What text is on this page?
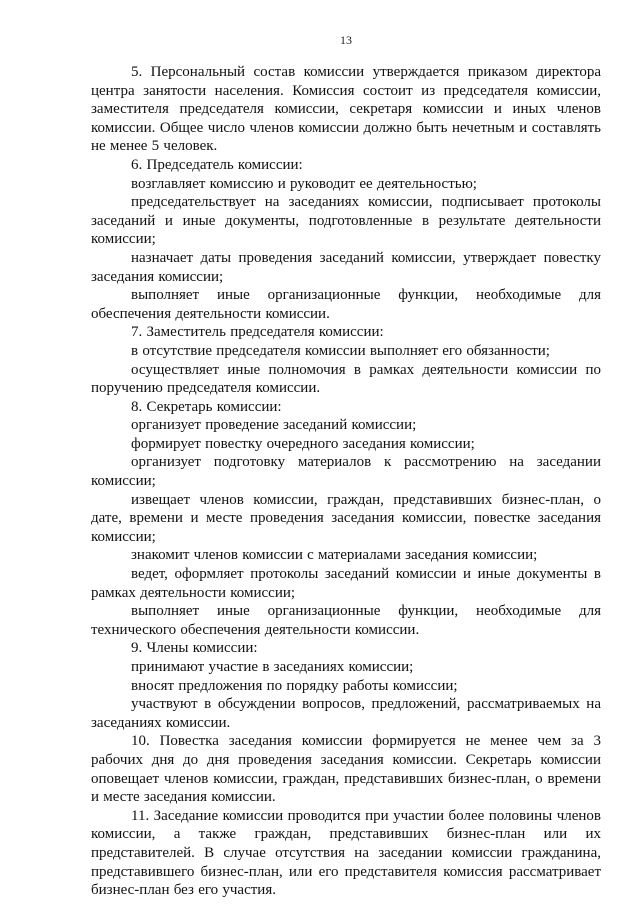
13

5. Персональный состав комиссии утверждается приказом директора центра занятости населения. Комиссия состоит из председателя комиссии, заместителя председателя комиссии, секретаря комиссии и иных членов комиссии. Общее число членов комиссии должно быть нечетным и составлять не менее 5 человек.

6. Председатель комиссии:

возглавляет комиссию и руководит ее деятельностью;

председательствует на заседаниях комиссии, подписывает протоколы заседаний и иные документы, подготовленные в результате деятельности комиссии;

назначает даты проведения заседаний комиссии, утверждает повестку заседания комиссии;

выполняет иные организационные функции, необходимые для обеспечения деятельности комиссии.

7. Заместитель председателя комиссии:

в отсутствие председателя комиссии выполняет его обязанности;

осуществляет иные полномочия в рамках деятельности комиссии по поручению председателя комиссии.

8. Секретарь комиссии:

организует проведение заседаний комиссии;

формирует повестку очередного заседания комиссии;

организует подготовку материалов к рассмотрению на заседании комиссии;

извещает членов комиссии, граждан, представивших бизнес-план, о дате, времени и месте проведения заседания комиссии, повестке заседания комиссии;

знакомит членов комиссии с материалами заседания комиссии;

ведет, оформляет протоколы заседаний комиссии и иные документы в рамках деятельности комиссии;

выполняет иные организационные функции, необходимые для технического обеспечения деятельности комиссии.

9. Члены комиссии:

принимают участие в заседаниях комиссии;

вносят предложения по порядку работы комиссии;

участвуют в обсуждении вопросов, предложений, рассматриваемых на заседаниях комиссии.

10. Повестка заседания комиссии формируется не менее чем за 3 рабочих дня до дня проведения заседания комиссии. Секретарь комиссии оповещает членов комиссии, граждан, представивших бизнес-план, о времени и месте заседания комиссии.

11. Заседание комиссии проводится при участии более половины членов комиссии, а также граждан, представивших бизнес-план или их представителей. В случае отсутствия на заседании комиссии гражданина, представившего бизнес-план, или его представителя комиссия рассматривает бизнес-план без его участия.
